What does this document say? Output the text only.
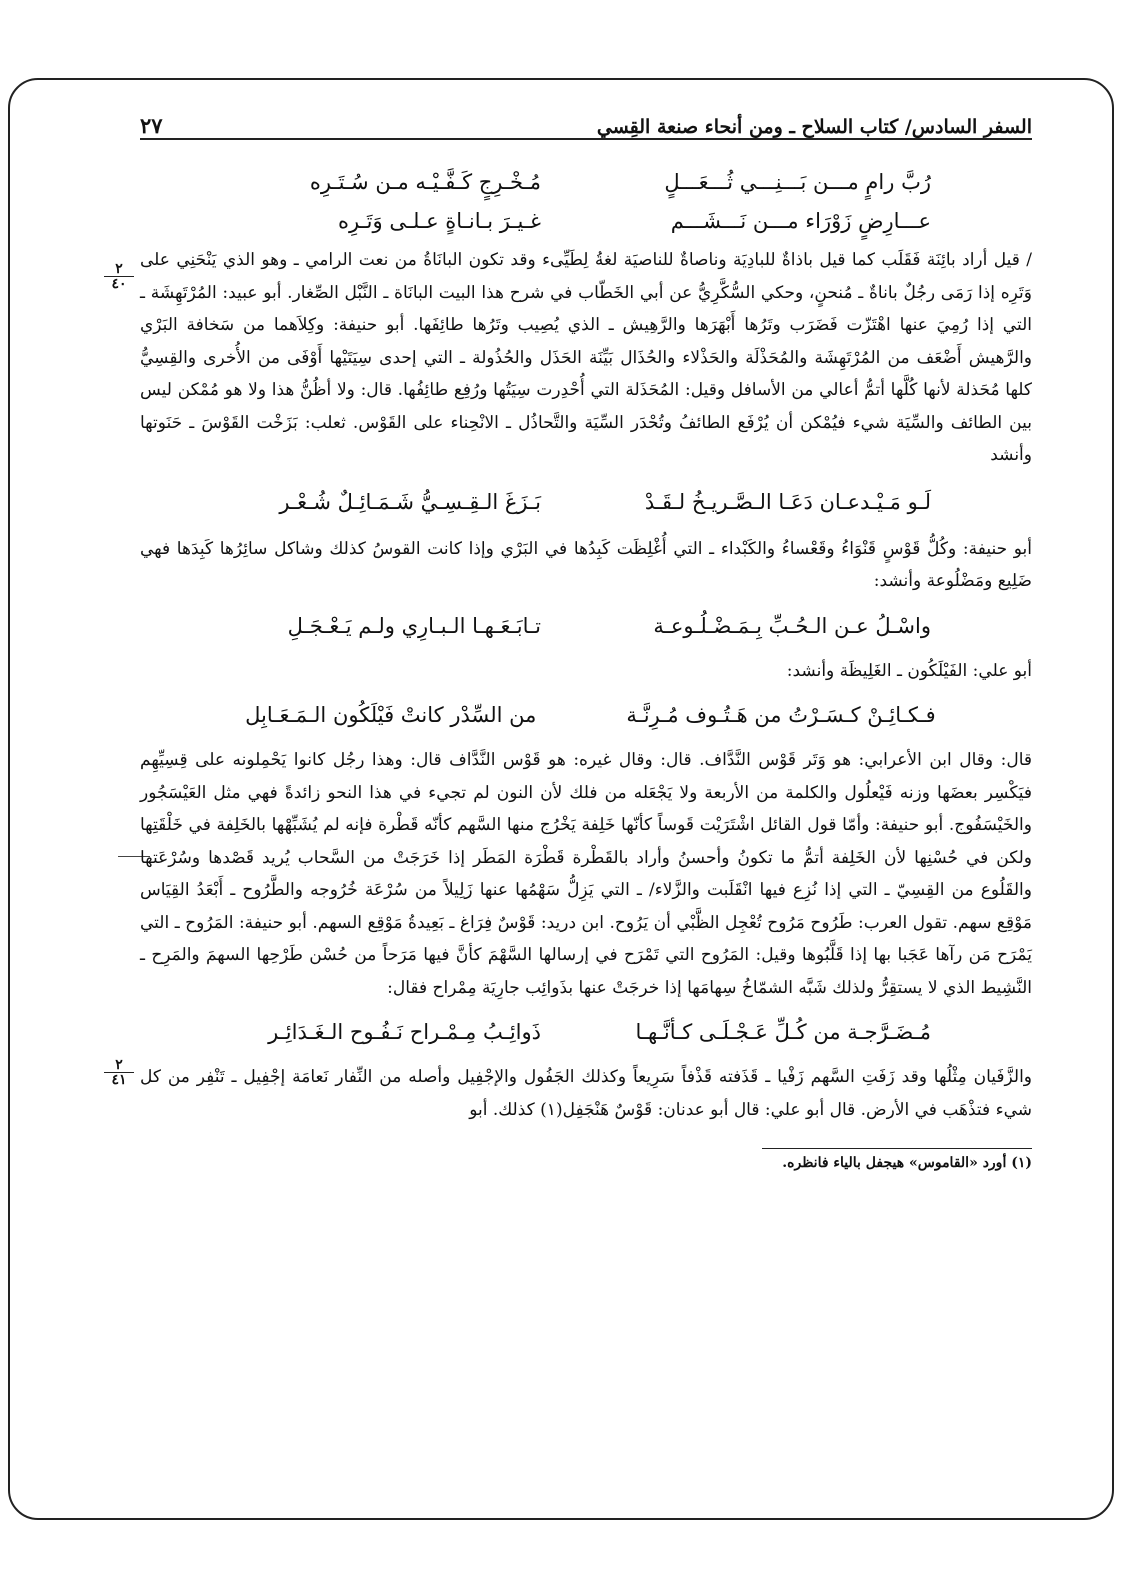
٢
٤٠
٢
٤١
السفر السادس/ كتاب السلاح ـ ومن أنحاء صنعة القِسي
٢٧
رُبَّ رامٍ مـــن بَـــنِـــي ثُـــعَـــلٍ
مُـخْـرِجٍ كَـفَّـيْـه مـن سُـتَـرِه
عـــارِضٍ زَوْرَاء مـــن نَـــشَـــم
غـيـرَ بـانـاةٍ عـلـى وَتَـرِه

/ قيل أراد بائِنَة فَقَلَب كما قيل باذاةٌ للبادِيَة وناصاةٌ للناصيَة لغةُ لِطَيِّىء وقد تكون البانَاةُ من نعت الرامي ـ وهو الذي يَنْحَنِي على وَتَرِه إذا رَمَى رجُلٌ باناةٌ ـ مُنحنٍ، وحكي السُّكَّرِيُّ عن أبي الخَطّاب في شرح هذا البيت البانَاة ـ النَّبْل الصِّغار. أبو عبيد: المُرْتَهِشَة ـ التي إذا رُمِيَ عنها اهْتَزّت فَضَرَب وتَرُها أَبْهَرَها والرَّهِيش ـ الذي يُصِيب وتَرُها طائِفَها. أبو حنيفة: وكِلاَهما من سَخافة البَرْي والرَّهيش أَضْعَف من المُرْتَهِشَة والمُحَذْلَة والحَذْلاء والحُذَال بَيِّنَة الحَذَل والحُذُولة ـ التي إحدى سِيَتَيْها أَوْفَى من الأُخرى والقِسِيُّ كلها مُحَذلة لأنها كُلَّها أتمُّ أعالي من الأسافل وقيل: المُحَذَلة التي أُحْدِرت سِيَتُها ورُفِع طائِفُها. قال: ولا أظُنُّ هذا ولا هو مُمْكن ليس بين الطائف والسِّيَة شيء فيُمْكن أن يُرْفَع الطائفُ وتُحْدَر السِّيَة والتَّحاذُل ـ الانْحِناء على القَوْس. ثعلب: بَزَخْت القَوْسَ ـ حَنَوتها وأنشد

لَـو مَـيْـدعـان دَعَـا الـصَّـريـخُ لـقَـدْ
بَـزَغَ الـقِـسِـيُّ شَـمَـائِـلٌ شُـعْـر

أبو حنيفة: وكُلُّ قَوْسٍ قَنْوَاءُ وقَعْساءُ والكَبْداء ـ التي أُغْلِظَت كَبِدُها في البَرْي وإذا كانت القوسُ كذلك وشاكل سائِرُها كَبِدَها فهي ضَلِيع ومَضْلُوعة وأنشد:

واسْـلُ عـن الـحُـبِّ بِـمَـضْـلُـوعـة
تـابَـعَـهـا الـبـارِي ولـم يَـعْـجَـلِ

أبو علي: الفَيْلَكُون ـ الغَلِيظَة وأنشد:

فـكـائِـنْ كـسَـرْتُ من هَـتُـوف مُـرِنَّـة
من السِّدْر كانتْ فَيْلَكُون الـمَـعَـابِل

قال: وقال ابن الأعرابي: هو وَتَر قَوْس النَّدَّاف. قال: وقال غيره: هو قَوْس النَّدَّاف قال: وهذا رجُل كانوا يَحْمِلونه على قِسِيِّهِم فيَكْسِر بعضَها وزنه فَيْعلُول والكلمة من الأربعة ولا يَجْعَله من فلك لأن النون لم تجيء في هذا النحو زائدةً فهي مثل العَيْسَجُور والخَيْسَفُوج. أبو حنيفة: وأمّا قول القائل اشْتَرَيْت قَوساً كأنّها خَلِفة يَخْرُج منها السَّهم كأنّه قَطْرة فإنه لم يُشَبِّهْها بالخَلِفة في خَلْقَتِها ولكن في حُسْنِها لأن الخَلِفة أتمُّ ما تكونُ وأحسنُ وأراد بالقَطْرة قَطْرَة المَطَر إذا خَرَجَتْ من السَّحاب يُريد قَصْدها وسُرْعَتها والقَلُوع من القِسِيّ ـ التي إذا نُزِع فيها انْقَلَبت والزَّلاء/ ـ التي يَزِلُّ سَهْمُها عنها زَلِيلاً من سُرْعَة خُرُوجه والطَّرُوح ـ أَبْعَدُ القِيَاس مَوْقِع سهم. تقول العرب: طَرُوح مَرُوح تُعْجِل الظَّبْي أن يَرُوح. ابن دريد: قَوْسٌ فِرَاغ ـ بَعِيدةُ مَوْقِع السهم. أبو حنيفة: المَرُوح ـ التي يَمْرَح مَن رآها عَجَبا بها إذا قَلَّبُوها وقيل: المَرُوح التي تَمْرَح في إرسالها السَّهْمَ كأنَّ فيها مَرَحاً من حُسْن طَرْحِها السهمَ والمَرِح ـ النَّشِيط الذي لا يستقِرُّ ولذلك شَبَّه الشمّاخُ سِهامَها إذا خرجَتْ عنها بذَوائِب جارِيَة مِمْراح فقال:

مُـضَـرَّجـة من كُـلِّ عَـجْـلَـى كـأنَّـهـا
ذَوائِـبُ مِـمْـراح نَـفُـوح الـغَـدَائِـر

والزَّفَيان مِثْلُها وقد زَفَتِ السَّهم زَفْيا ـ قَذَفته قَذْفاً سَرِيعاً وكذلك الجَفُول والإجْفِيل وأصله من النِّفار نَعامَة إجْفِيل ـ تَنْفِر من كل شيء فتذْهَب في الأرض. قال أبو علي: قال أبو عدنان: قَوْسٌ هَنْجَفِل(١) كذلك. أبو

(١) أورد «القاموس» هيجفل بالياء فانظره.
